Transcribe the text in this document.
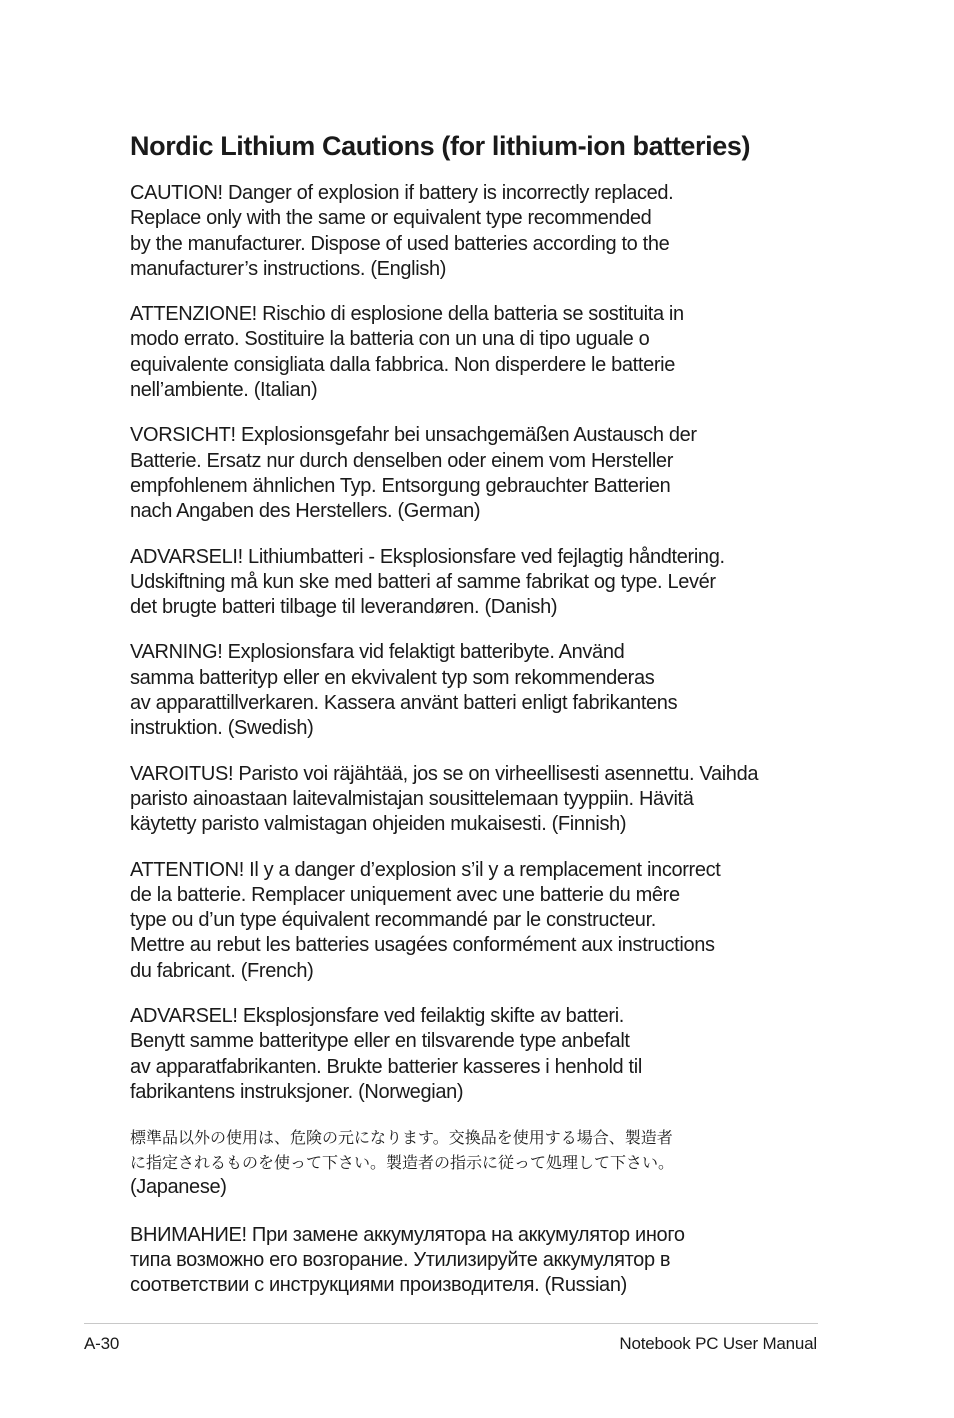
Nordic Lithium Cautions (for lithium-ion batteries)

CAUTION! Danger of explosion if battery is incorrectly replaced.
Replace only with the same or equivalent type recommended
by the manufacturer. Dispose of used batteries according to the
manufacturer’s instructions. (English)

ATTENZIONE! Rischio di esplosione della batteria se sostituita in
modo errato. Sostituire la batteria con un una di tipo uguale o
equivalente consigliata dalla fabbrica. Non disperdere le batterie
nell’ambiente. (Italian)

VORSICHT! Explosionsgefahr bei unsachgemäßen Austausch der
Batterie. Ersatz nur durch denselben oder einem vom Hersteller
empfohlenem ähnlichen Typ. Entsorgung gebrauchter Batterien
nach Angaben des Herstellers. (German)

ADVARSELI! Lithiumbatteri - Eksplosionsfare ved fejlagtig håndtering.
Udskiftning må kun ske med batteri af samme fabrikat og type. Levér
det brugte batteri tilbage til leverandøren. (Danish)

VARNING! Explosionsfara vid felaktigt batteribyte. Använd
samma batterityp eller en ekvivalent typ som rekommenderas
av apparattillverkaren. Kassera använt batteri enligt fabrikantens
instruktion. (Swedish)

VAROITUS! Paristo voi räjähtää, jos se on virheellisesti asennettu. Vaihda
paristo ainoastaan laitevalmistajan sousittelemaan tyyppiin. Hävitä
käytetty paristo valmistagan ohjeiden mukaisesti. (Finnish)

ATTENTION! Il y a danger d’explosion s’il y a remplacement incorrect
de la batterie. Remplacer uniquement avec une batterie du mêre
type ou d’un type équivalent recommandé par le constructeur.
Mettre au rebut les batteries usagées conformément aux instructions
du fabricant. (French)

ADVARSEL! Eksplosjonsfare ved feilaktig skifte av batteri.
Benytt samme batteritype eller en tilsvarende type anbefalt
av apparatfabrikanten. Brukte batterier kasseres i henhold til
fabrikantens instruksjoner. (Norwegian)

標準品以外の使用は、危険の元になります。交換品を使用する場合、製造者
に指定されるものを使って下さい。製造者の指示に従って処理して下さい。
(Japanese)

ВНИМАНИЕ! При замене аккумулятора на аккумулятор иного
типа возможно его возгорание. Утилизируйте аккумулятор в
соответствии с инструкциями производителя. (Russian)

A-30	Notebook PC User Manual
